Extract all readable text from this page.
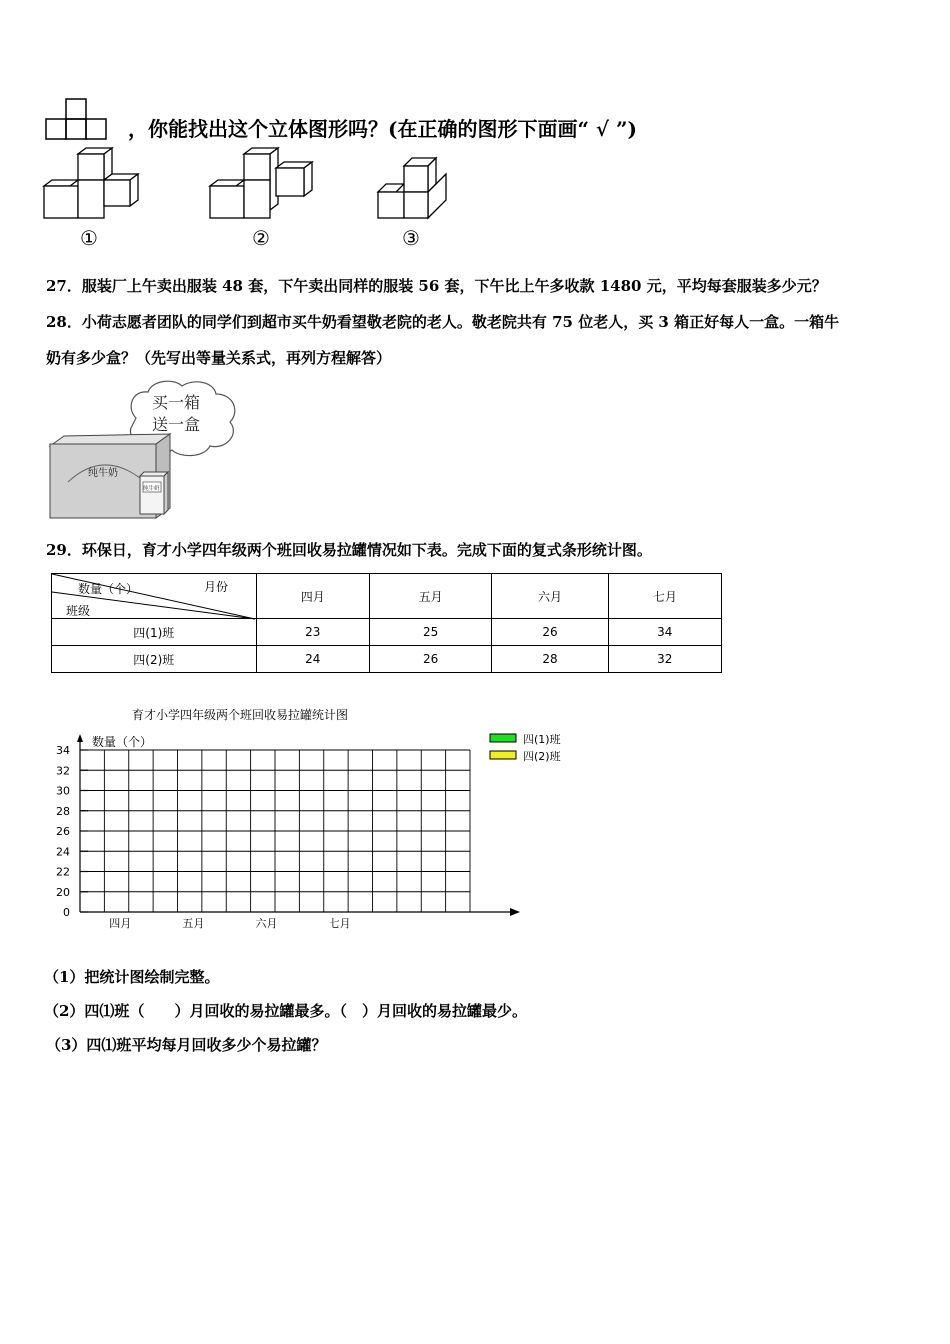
，你能找出这个立体图形吗？(在正确的图形下面画“ √ ”)
①	②	③
27．服装厂上午卖出服装 48 套，下午卖出同样的服装 56 套，下午比上午多收款 1480 元，平均每套服装多少元？
28．小荷志愿者团队的同学们到超市买牛奶看望敬老院的老人。敬老院共有 75 位老人，买 3 箱正好每人一盒。一箱牛
奶有多少盒？（先写出等量关系式，再列方程解答）
买一箱
送一盒
纯牛奶
纯牛奶
29．环保日，育才小学四年级两个班回收易拉罐情况如下表。完成下面的复式条形统计图。
数量（个） 月份
班级	四月	五月	六月	七月
四(1)班	23	25	26	34
四(2)班	24	26	28	32
育才小学四年级两个班回收易拉罐统计图
数量（个）
0
20
22
24
26
28
30
32
34
四月	五月	六月	七月
四(1)班
四(2)班
（1）把统计图绘制完整。
（2）四⑴班（　　）月回收的易拉罐最多。（　）月回收的易拉罐最少。
（3）四⑴班平均每月回收多少个易拉罐？
